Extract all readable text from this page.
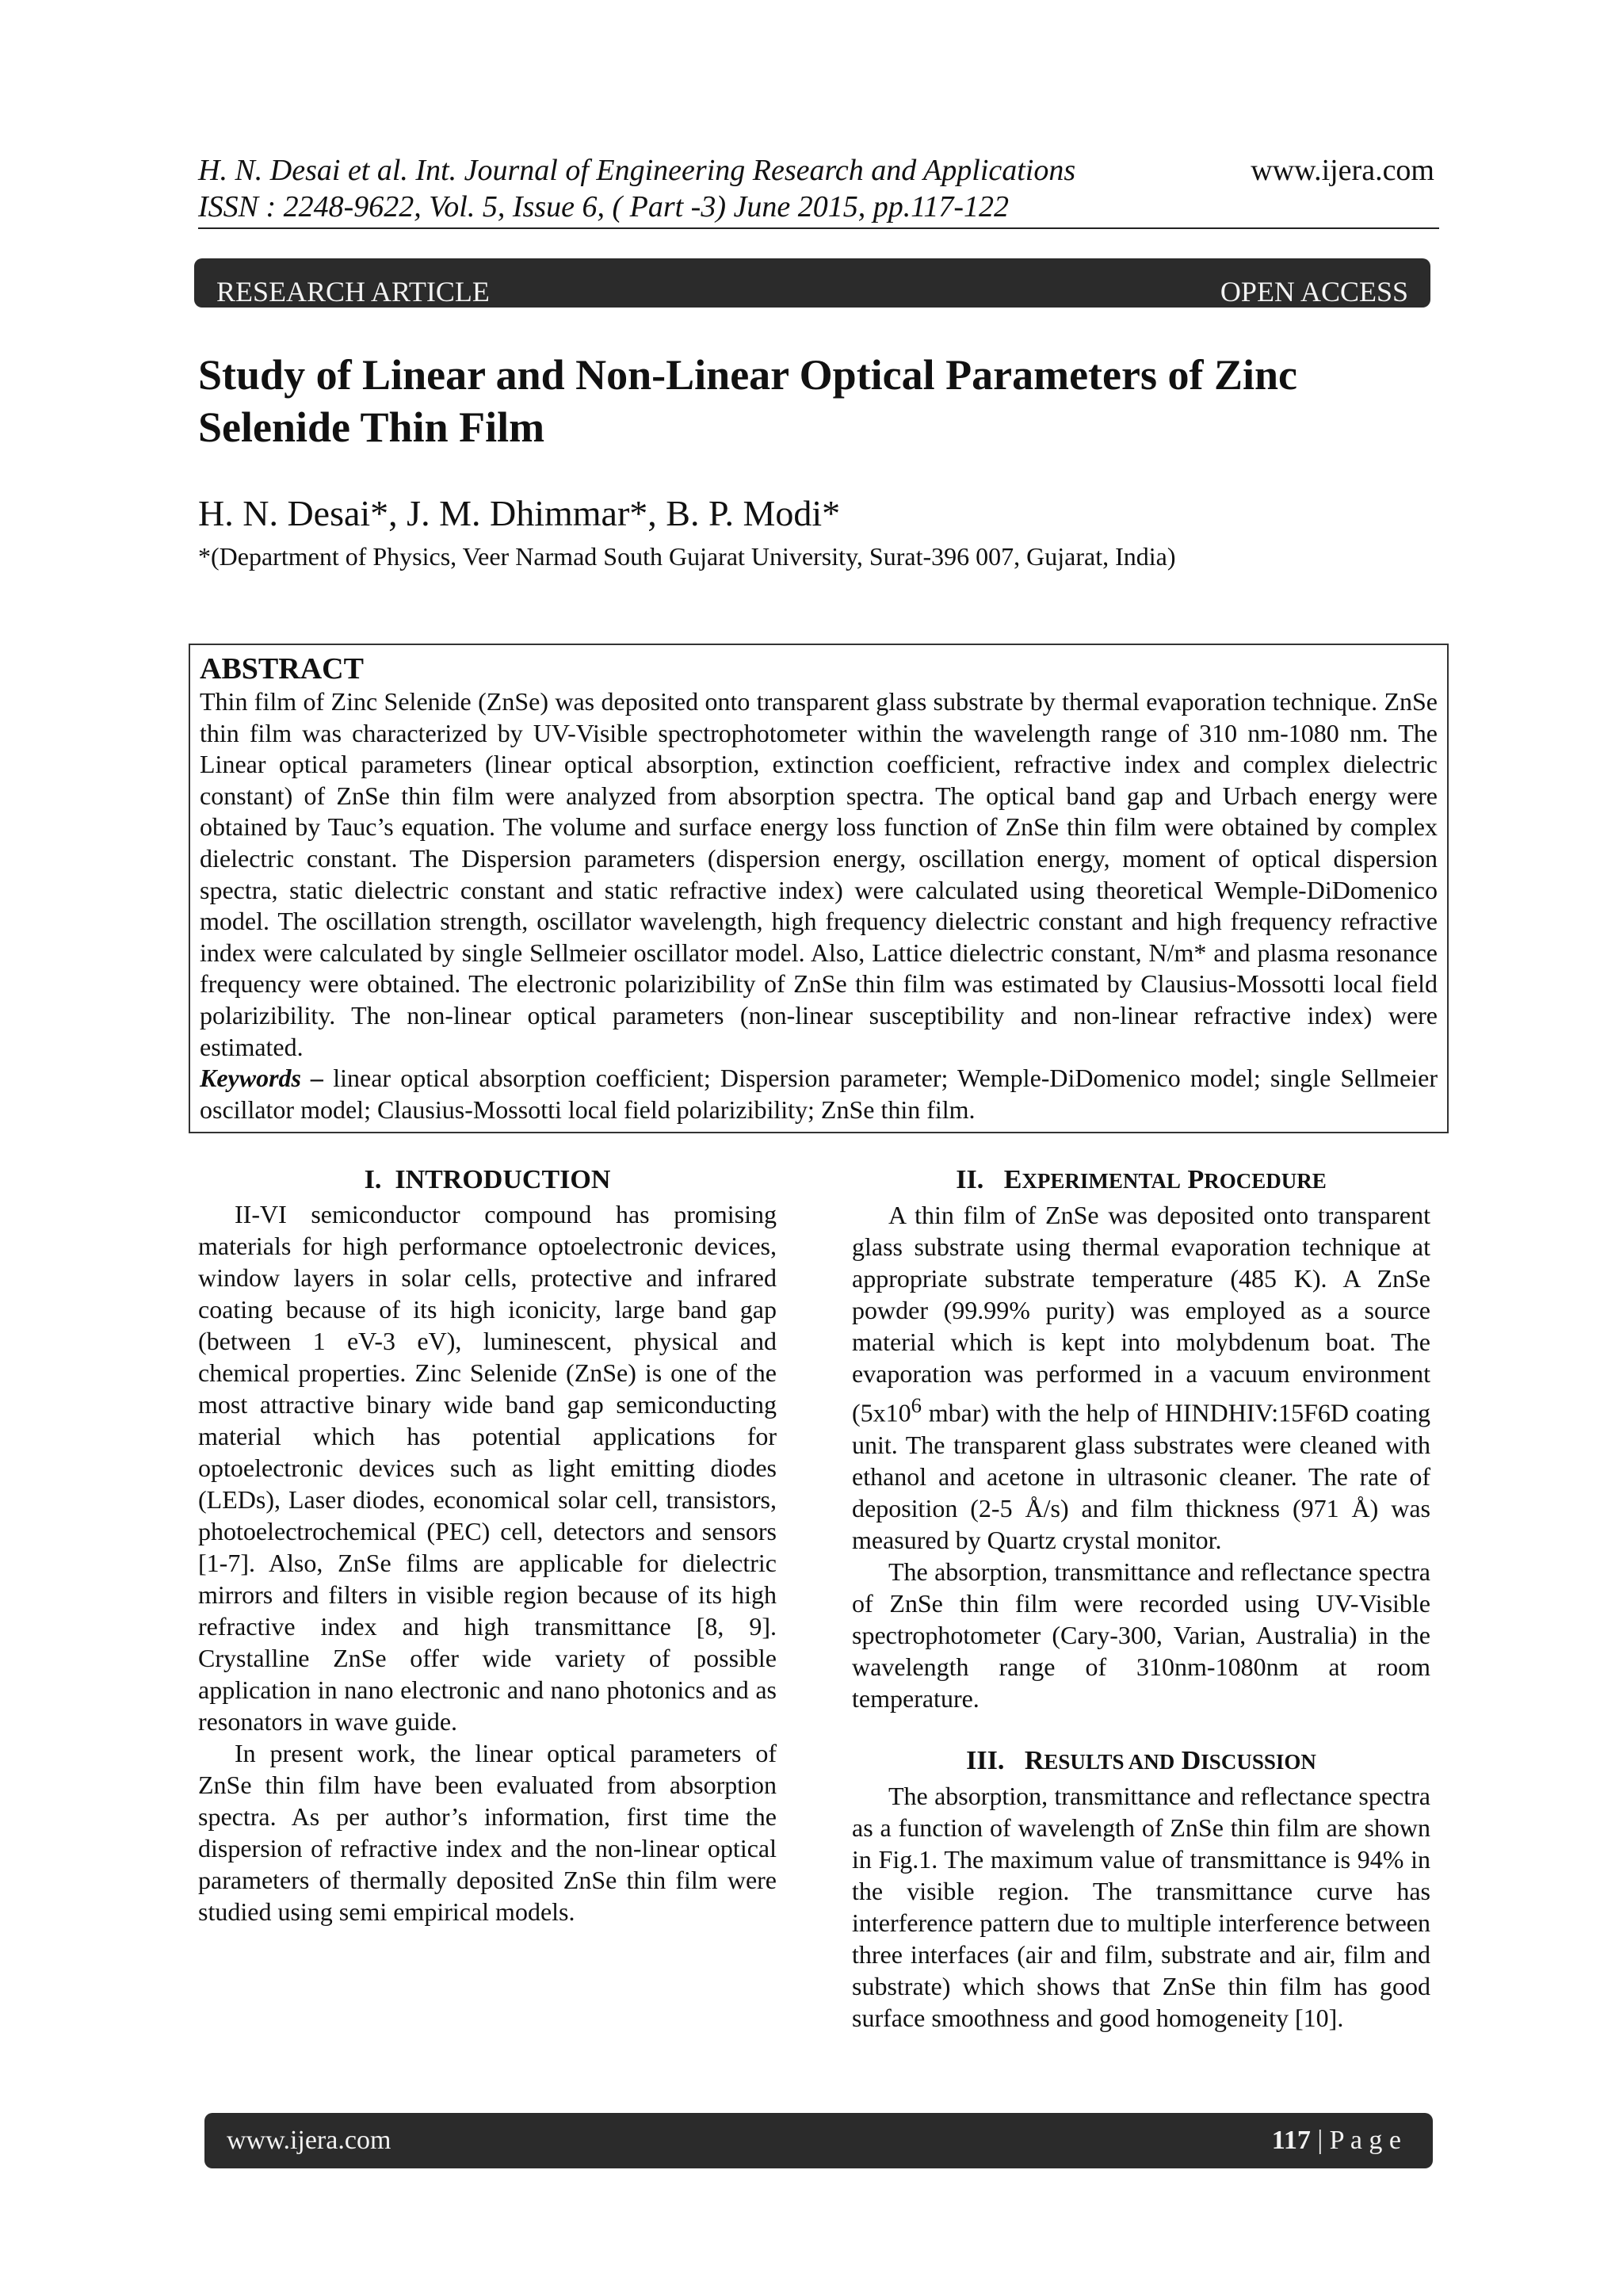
H. N. Desai et al. Int. Journal of Engineering Research and Applications	www.ijera.com
ISSN : 2248-9622, Vol. 5, Issue 6, ( Part -3) June 2015, pp.117-122
RESEARCH ARTICLE	OPEN ACCESS
Study of Linear and Non-Linear Optical Parameters of Zinc Selenide Thin Film
H. N. Desai*, J. M. Dhimmar*, B. P. Modi*
*(Department of Physics, Veer Narmad South Gujarat University, Surat-396 007, Gujarat, India)
ABSTRACT

Thin film of Zinc Selenide (ZnSe) was deposited onto transparent glass substrate by thermal evaporation technique. ZnSe thin film was characterized by UV-Visible spectrophotometer within the wavelength range of 310 nm-1080 nm. The Linear optical parameters (linear optical absorption, extinction coefficient, refractive index and complex dielectric constant) of ZnSe thin film were analyzed from absorption spectra. The optical band gap and Urbach energy were obtained by Tauc’s equation. The volume and surface energy loss function of ZnSe thin film were obtained by complex dielectric constant. The Dispersion parameters (dispersion energy, oscillation energy, moment of optical dispersion spectra, static dielectric constant and static refractive index) were calculated using theoretical Wemple-DiDomenico model. The oscillation strength, oscillator wavelength, high frequency dielectric constant and high frequency refractive index were calculated by single Sellmeier oscillator model. Also, Lattice dielectric constant, N/m* and plasma resonance frequency were obtained. The electronic polarizibility of ZnSe thin film was estimated by Clausius-Mossotti local field polarizibility. The non-linear optical parameters (non-linear susceptibility and non-linear refractive index) were estimated.

Keywords – linear optical absorption coefficient; Dispersion parameter; Wemple-DiDomenico model; single Sellmeier oscillator model; Clausius-Mossotti local field polarizibility; ZnSe thin film.

I. INTRODUCTION

II-VI semiconductor compound has promising materials for high performance optoelectronic devices, window layers in solar cells, protective and infrared coating because of its high iconicity, large band gap (between 1 eV-3 eV), luminescent, physical and chemical properties. Zinc Selenide (ZnSe) is one of the most attractive binary wide band gap semiconducting material which has potential applications for optoelectronic devices such as light emitting diodes (LEDs), Laser diodes, economical solar cell, transistors, photoelectrochemical (PEC) cell, detectors and sensors [1-7]. Also, ZnSe films are applicable for dielectric mirrors and filters in visible region because of its high refractive index and high transmittance [8, 9]. Crystalline ZnSe offer wide variety of possible application in nano electronic and nano photonics and as resonators in wave guide.

In present work, the linear optical parameters of ZnSe thin film have been evaluated from absorption spectra. As per author’s information, first time the dispersion of refractive index and the non-linear optical parameters of thermally deposited ZnSe thin film were studied using semi empirical models.

II. EXPERIMENTAL PROCEDURE

A thin film of ZnSe was deposited onto transparent glass substrate using thermal evaporation technique at appropriate substrate temperature (485 K). A ZnSe powder (99.99% purity) was employed as a source material which is kept into molybdenum boat. The evaporation was performed in a vacuum environment ($5x10^6$ mbar) with the help of HINDHIV:15F6D coating unit. The transparent glass substrates were cleaned with ethanol and acetone in ultrasonic cleaner. The rate of deposition (2-5 Å/s) and film thickness (971 Å) was measured by Quartz crystal monitor.

The absorption, transmittance and reflectance spectra of ZnSe thin film were recorded using UV-Visible spectrophotometer (Cary-300, Varian, Australia) in the wavelength range of 310nm-1080nm at room temperature.

III. RESULTS AND DISCUSSION

The absorption, transmittance and reflectance spectra as a function of wavelength of ZnSe thin film are shown in Fig.1. The maximum value of transmittance is 94% in the visible region. The transmittance curve has interference pattern due to multiple interference between three interfaces (air and film, substrate and air, film and substrate) which shows that ZnSe thin film has good surface smoothness and good homogeneity [10].

www.ijera.com	117 | P a g e
